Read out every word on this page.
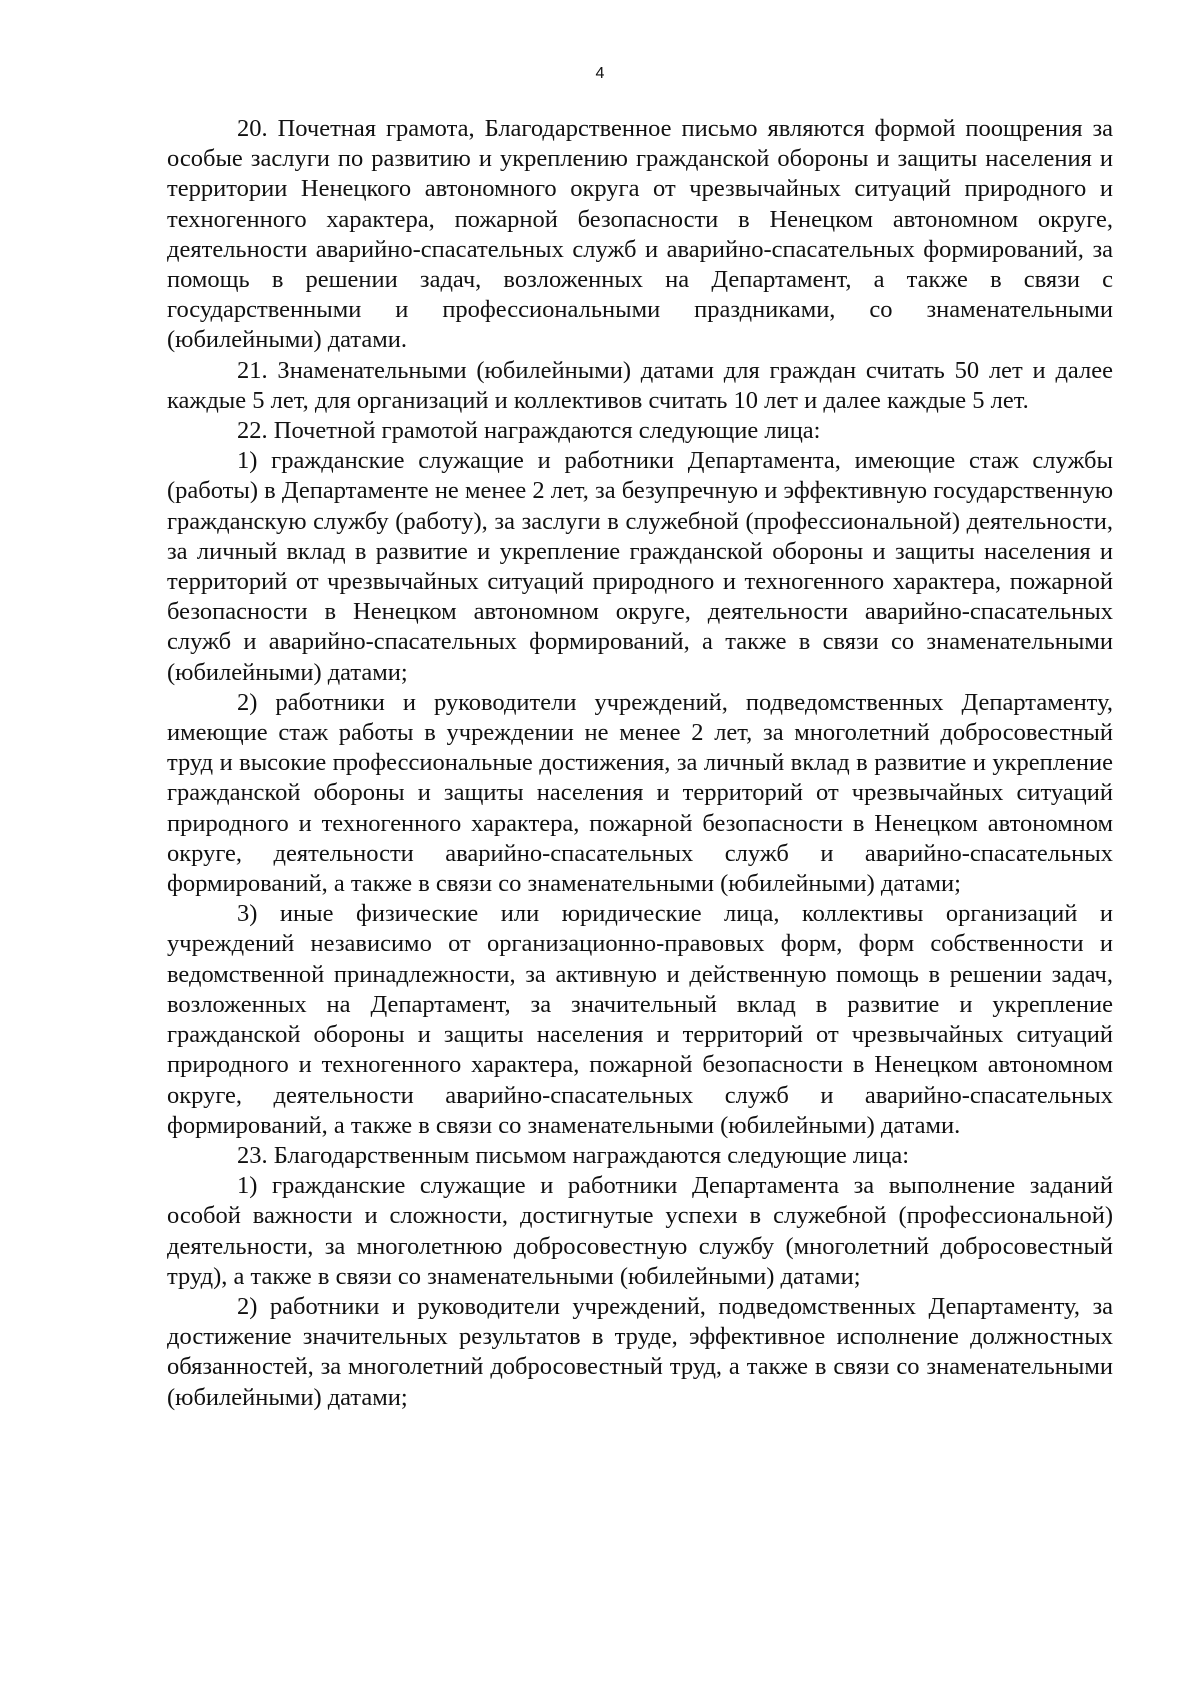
4

20. Почетная грамота, Благодарственное письмо являются формой поощрения за особые заслуги по развитию и укреплению гражданской обороны и защиты населения и территории Ненецкого автономного округа от чрезвычайных ситуаций природного и техногенного характера, пожарной безопасности в Ненецком автономном округе, деятельности аварийно-спасательных служб и аварийно-спасательных формирований, за помощь в решении задач, возложенных на Департамент, а также в связи с государственными и профессиональными праздниками, со знаменательными (юбилейными) датами.

21. Знаменательными (юбилейными) датами для граждан считать 50 лет и далее каждые 5 лет, для организаций и коллективов считать 10 лет и далее каждые 5 лет.

22. Почетной грамотой награждаются следующие лица:

1) гражданские служащие и работники Департамента, имеющие стаж службы (работы) в Департаменте не менее 2 лет, за безупречную и эффективную государственную гражданскую службу (работу), за заслуги в служебной (профессиональной) деятельности, за личный вклад в развитие и укрепление гражданской обороны и защиты населения и территорий от чрезвычайных ситуаций природного и техногенного характера, пожарной безопасности в Ненецком автономном округе, деятельности аварийно-спасательных служб и аварийно-спасательных формирований, а также в связи со знаменательными (юбилейными) датами;

2) работники и руководители учреждений, подведомственных Департаменту, имеющие стаж работы в учреждении не менее 2 лет, за многолетний добросовестный труд и высокие профессиональные достижения, за личный вклад в развитие и укрепление гражданской обороны и защиты населения и территорий от чрезвычайных ситуаций природного и техногенного характера, пожарной безопасности в Ненецком автономном округе, деятельности аварийно-спасательных служб и аварийно-спасательных формирований, а также в связи со знаменательными (юбилейными) датами;

3) иные физические или юридические лица, коллективы организаций и учреждений независимо от организационно-правовых форм, форм собственности и ведомственной принадлежности, за активную и действенную помощь в решении задач, возложенных на Департамент, за значительный вклад в развитие и укрепление гражданской обороны и защиты населения и территорий от чрезвычайных ситуаций природного и техногенного характера, пожарной безопасности в Ненецком автономном округе, деятельности аварийно-спасательных служб и аварийно-спасательных формирований, а также в связи со знаменательными (юбилейными) датами.

23. Благодарственным письмом награждаются следующие лица:

1) гражданские служащие и работники Департамента за выполнение заданий особой важности и сложности, достигнутые успехи в служебной (профессиональной) деятельности, за многолетнюю добросовестную службу (многолетний добросовестный труд), а также в связи со знаменательными (юбилейными) датами;

2) работники и руководители учреждений, подведомственных Департаменту, за достижение значительных результатов в труде, эффективное исполнение должностных обязанностей, за многолетний добросовестный труд, а также в связи со знаменательными (юбилейными) датами;
